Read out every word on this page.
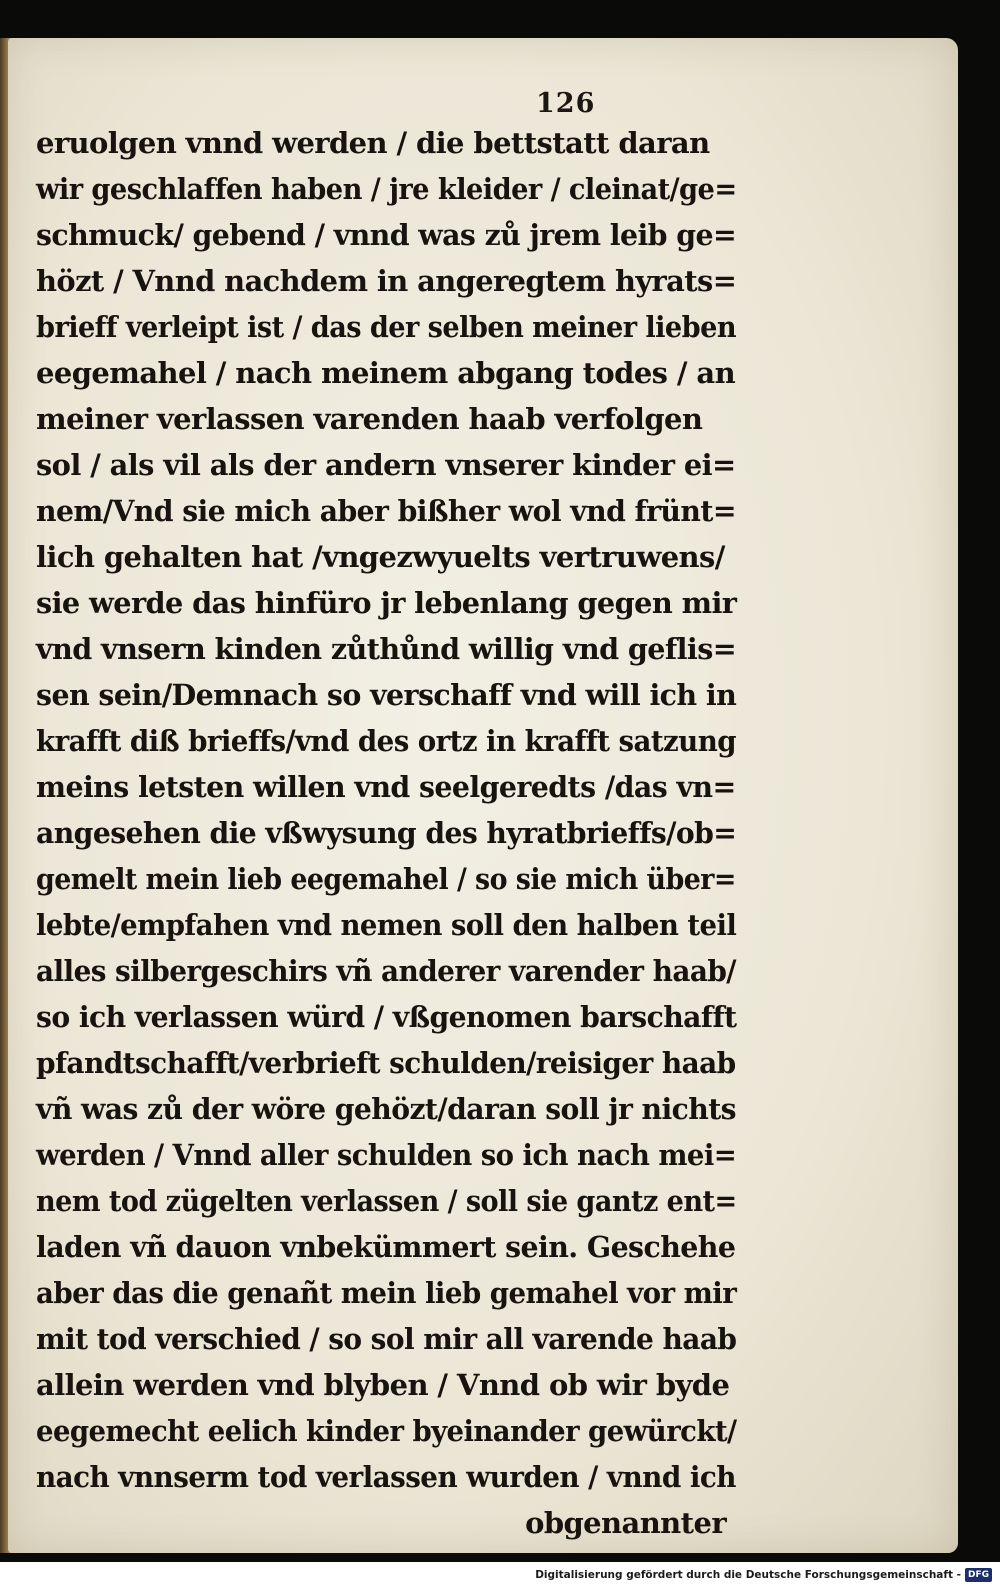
126
eruolgen vnnd werden / die bettstatt daran
wir geschlaffen haben / jre kleider / cleinat/ge=
schmuck/ gebend / vnnd was zů jrem leib ge=
hözt / Vnnd nachdem in angeregtem hyrats=
brieff verleipt ist / das der selben meiner lieben
eegemahel / nach meinem abgang todes / an
meiner verlassen varenden haab verfolgen
sol / als vil als der andern vnserer kinder ei=
nem/Vnd sie mich aber bißher wol vnd frünt=
lich gehalten hat /vngezwyuelts vertruwens/
sie werde das hinfüro jr lebenlang gegen mir
vnd vnsern kinden zůthůnd willig vnd geflis=
sen sein/Demnach so verschaff vnd will ich in
krafft diß brieffs/vnd des ortz in krafft satzung
meins letsten willen vnd seelgeredts /das vn=
angesehen die vßwysung des hyratbrieffs/ob=
gemelt mein lieb eegemahel / so sie mich über=
lebte/empfahen vnd nemen soll den halben teil
alles silbergeschirs vñ anderer varender haab/
so ich verlassen würd / vßgenomen barschafft
pfandtschafft/verbrieft schulden/reisiger haab
vñ was zů der wöre gehözt/daran soll jr nichts
werden / Vnnd aller schulden so ich nach mei=
nem tod zügelten verlassen / soll sie gantz ent=
laden vñ dauon vnbekümmert sein. Geschehe
aber das die genañt mein lieb gemahel vor mir
mit tod verschied / so sol mir all varende haab
allein werden vnd blyben / Vnnd ob wir byde
eegemecht eelich kinder byeinander gewürckt/
nach vnnserm tod verlassen wurden / vnnd ich
obgenannter
Digitalisierung gefördert durch die Deutsche Forschungsgemeinschaft - DFG
